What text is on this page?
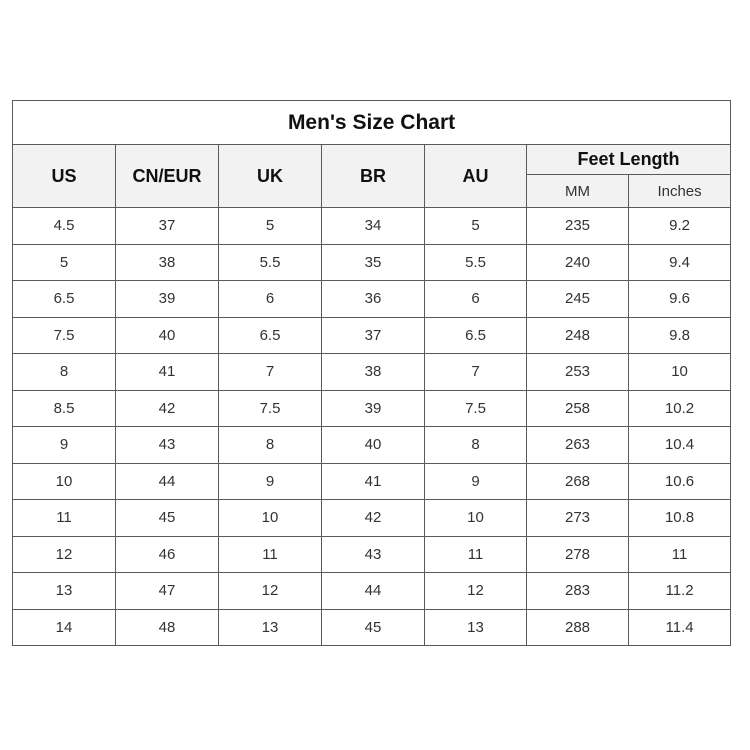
Men's Size Chart						
US	CN/EUR	UK	BR	AU	Feet Length	
					MM	Inches
4.5	37	5	34	5	235	9.2
5	38	5.5	35	5.5	240	9.4
6.5	39	6	36	6	245	9.6
7.5	40	6.5	37	6.5	248	9.8
8	41	7	38	7	253	10
8.5	42	7.5	39	7.5	258	10.2
9	43	8	40	8	263	10.4
10	44	9	41	9	268	10.6
11	45	10	42	10	273	10.8
12	46	11	43	11	278	11
13	47	12	44	12	283	11.2
14	48	13	45	13	288	11.4
